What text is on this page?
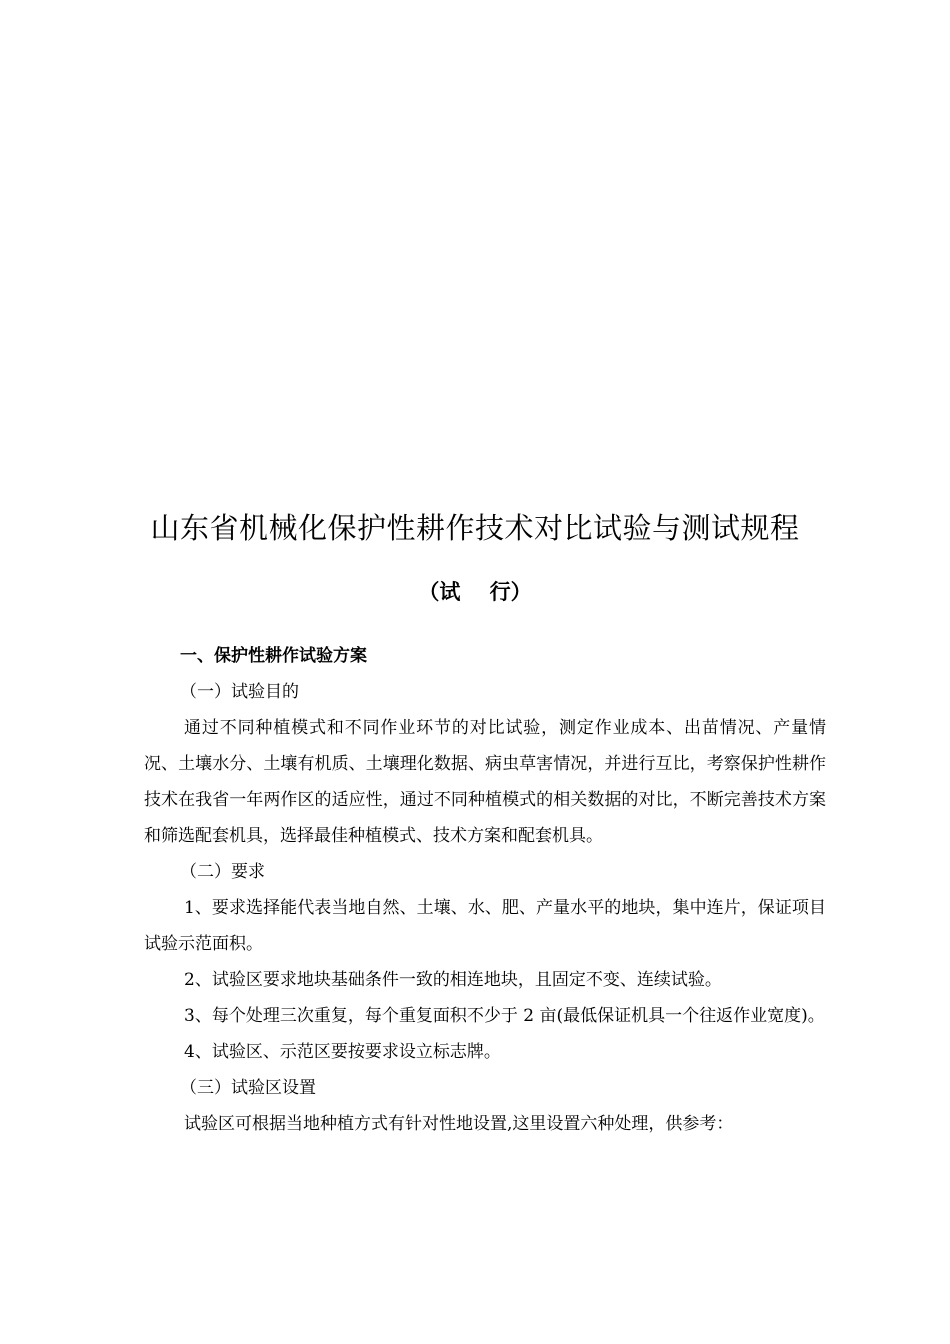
山东省机械化保护性耕作技术对比试验与测试规程
（试    行）

一、保护性耕作试验方案

（一）试验目的

通过不同种植模式和不同作业环节的对比试验，测定作业成本、出苗情况、产量情况、土壤水分、土壤有机质、土壤理化数据、病虫草害情况，并进行互比，考察保护性耕作技术在我省一年两作区的适应性，通过不同种植模式的相关数据的对比，不断完善技术方案和筛选配套机具，选择最佳种植模式、技术方案和配套机具。

（二）要求

1、要求选择能代表当地自然、土壤、水、肥、产量水平的地块，集中连片，保证项目试验示范面积。

2、试验区要求地块基础条件一致的相连地块，且固定不变、连续试验。

3、每个处理三次重复，每个重复面积不少于 2 亩(最低保证机具一个往返作业宽度)。

4、试验区、示范区要按要求设立标志牌。

（三）试验区设置

试验区可根据当地种植方式有针对性地设置,这里设置六种处理，供参考：
